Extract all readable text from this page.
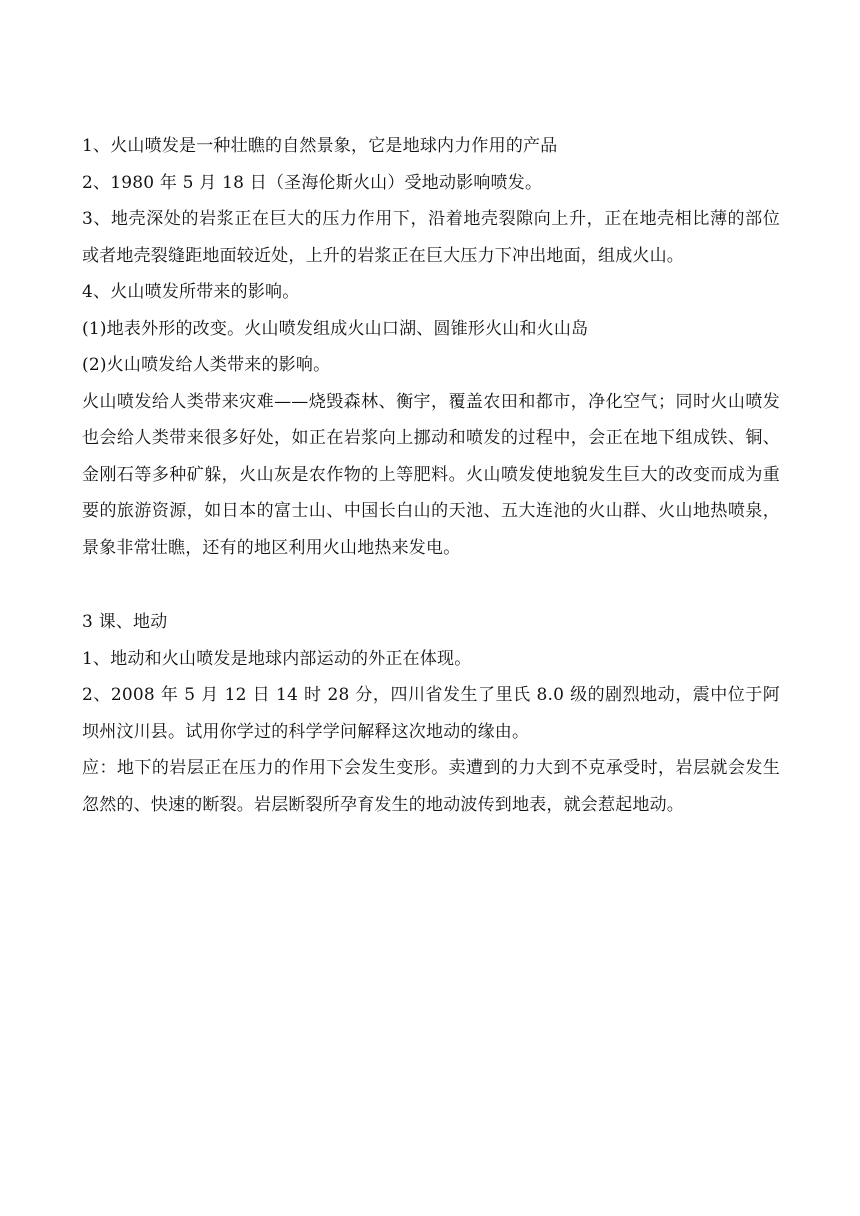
1、火山喷发是一种壮瞧的自然景象，它是地球内力作用的产品

2、1980 年 5 月 18 日（圣海伦斯火山）受地动影响喷发。

3、地壳深处的岩浆正在巨大的压力作用下，沿着地壳裂隙向上升，正在地壳相比薄的部位或者地壳裂缝距地面较近处，上升的岩浆正在巨大压力下冲出地面，组成火山。

4、火山喷发所带来的影响。

(1)地表外形的改变。火山喷发组成火山口湖、圆锥形火山和火山岛

(2)火山喷发给人类带来的影响。

火山喷发给人类带来灾难——烧毁森林、衡宇，覆盖农田和都市，净化空气；同时火山喷发也会给人类带来很多好处，如正在岩浆向上挪动和喷发的过程中，会正在地下组成铁、铜、金刚石等多种矿躲，火山灰是农作物的上等肥料。火山喷发使地貌发生巨大的改变而成为重要的旅游资源，如日本的富士山、中国长白山的天池、五大连池的火山群、火山地热喷泉，景象非常壮瞧，还有的地区利用火山地热来发电。

3 课、地动

1、地动和火山喷发是地球内部运动的外正在体现。

2、2008 年 5 月 12 日 14 时 28 分，四川省发生了里氏 8.0 级的剧烈地动，震中位于阿坝州汶川县。试用你学过的科学学问解释这次地动的缘由。

应：地下的岩层正在压力的作用下会发生变形。卖遭到的力大到不克承受时，岩层就会发生忽然的、快速的断裂。岩层断裂所孕育发生的地动波传到地表，就会惹起地动。
